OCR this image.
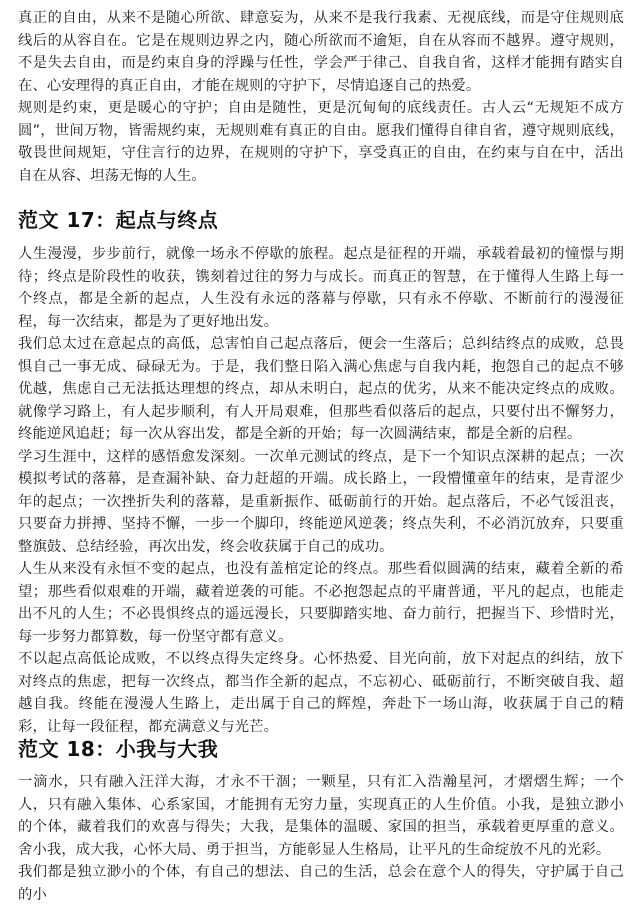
真正的自由，从来不是随心所欲、肆意妄为，从来不是我行我素、无视底线，而是守住规则底线后的从容自在。它是在规则边界之内，随心所欲而不逾矩，自在从容而不越界。遵守规则，不是失去自由，而是约束自身的浮躁与任性，学会严于律己、自我自省，这样才能拥有踏实自在、心安理得的真正自由，才能在规则的守护下，尽情追逐自己的热爱。

规则是约束，更是暖心的守护；自由是随性，更是沉甸甸的底线责任。古人云“无规矩不成方圆”，世间万物，皆需规约束，无规则难有真正的自由。愿我们懂得自律自省，遵守规则底线，敬畏世间规矩，守住言行的边界，在规则的守护下，享受真正的自由，在约束与自在中，活出自在从容、坦荡无悔的人生。

范文 17：起点与终点

人生漫漫，步步前行，就像一场永不停歇的旅程。起点是征程的开端，承载着最初的憧憬与期待；终点是阶段性的收获，镌刻着过往的努力与成长。而真正的智慧，在于懂得人生路上每一个终点，都是全新的起点，人生没有永远的落幕与停歇，只有永不停歇、不断前行的漫漫征程，每一次结束，都是为了更好地出发。

我们总太过在意起点的高低，总害怕自己起点落后，便会一生落后；总纠结终点的成败，总畏惧自己一事无成、碌碌无为。于是，我们整日陷入满心焦虑与自我内耗，抱怨自己的起点不够优越，焦虑自己无法抵达理想的终点，却从未明白，起点的优劣，从来不能决定终点的成败。就像学习路上，有人起步顺利，有人开局艰难，但那些看似落后的起点，只要付出不懈努力，终能逆风追赶；每一次从容出发，都是全新的开始；每一次圆满结束，都是全新的启程。

学习生涯中，这样的感悟愈发深刻。一次单元测试的终点，是下一个知识点深耕的起点；一次模拟考试的落幕，是查漏补缺、奋力赶超的开端。成长路上，一段懵懂童年的结束，是青涩少年的起点；一次挫折失利的落幕，是重新振作、砥砺前行的开始。起点落后，不必气馁沮丧，只要奋力拼搏、坚持不懈，一步一个脚印，终能逆风逆袭；终点失利，不必消沉放弃，只要重整旗鼓、总结经验，再次出发，终会收获属于自己的成功。

人生从来没有永恒不变的起点，也没有盖棺定论的终点。那些看似圆满的结束，藏着全新的希望；那些看似艰难的开端，藏着逆袭的可能。不必抱怨起点的平庸普通，平凡的起点，也能走出不凡的人生；不必畏惧终点的遥远漫长，只要脚踏实地、奋力前行，把握当下、珍惜时光，每一步努力都算数，每一份坚守都有意义。

不以起点高低论成败，不以终点得失定终身。心怀热爱、目光向前，放下对起点的纠结，放下对终点的焦虑，把每一次终点，都当作全新的起点，不忘初心、砥砺前行，不断突破自我、超越自我。终能在漫漫人生路上，走出属于自己的辉煌，奔赴下一场山海，收获属于自己的精彩，让每一段征程，都充满意义与光芒。

范文 18：小我与大我

一滴水，只有融入汪洋大海，才永不干涸；一颗星，只有汇入浩瀚星河，才熠熠生辉；一个人，只有融入集体、心系家国，才能拥有无穷力量，实现真正的人生价值。小我，是独立渺小的个体，藏着我们的欢喜与得失；大我，是集体的温暖、家国的担当，承载着更厚重的意义。舍小我，成大我，心怀大局、勇于担当，方能彰显人生格局，让平凡的生命绽放不凡的光彩。

我们都是独立渺小的个体，有自己的想法、自己的生活，总会在意个人的得失，守护属于自己的小
